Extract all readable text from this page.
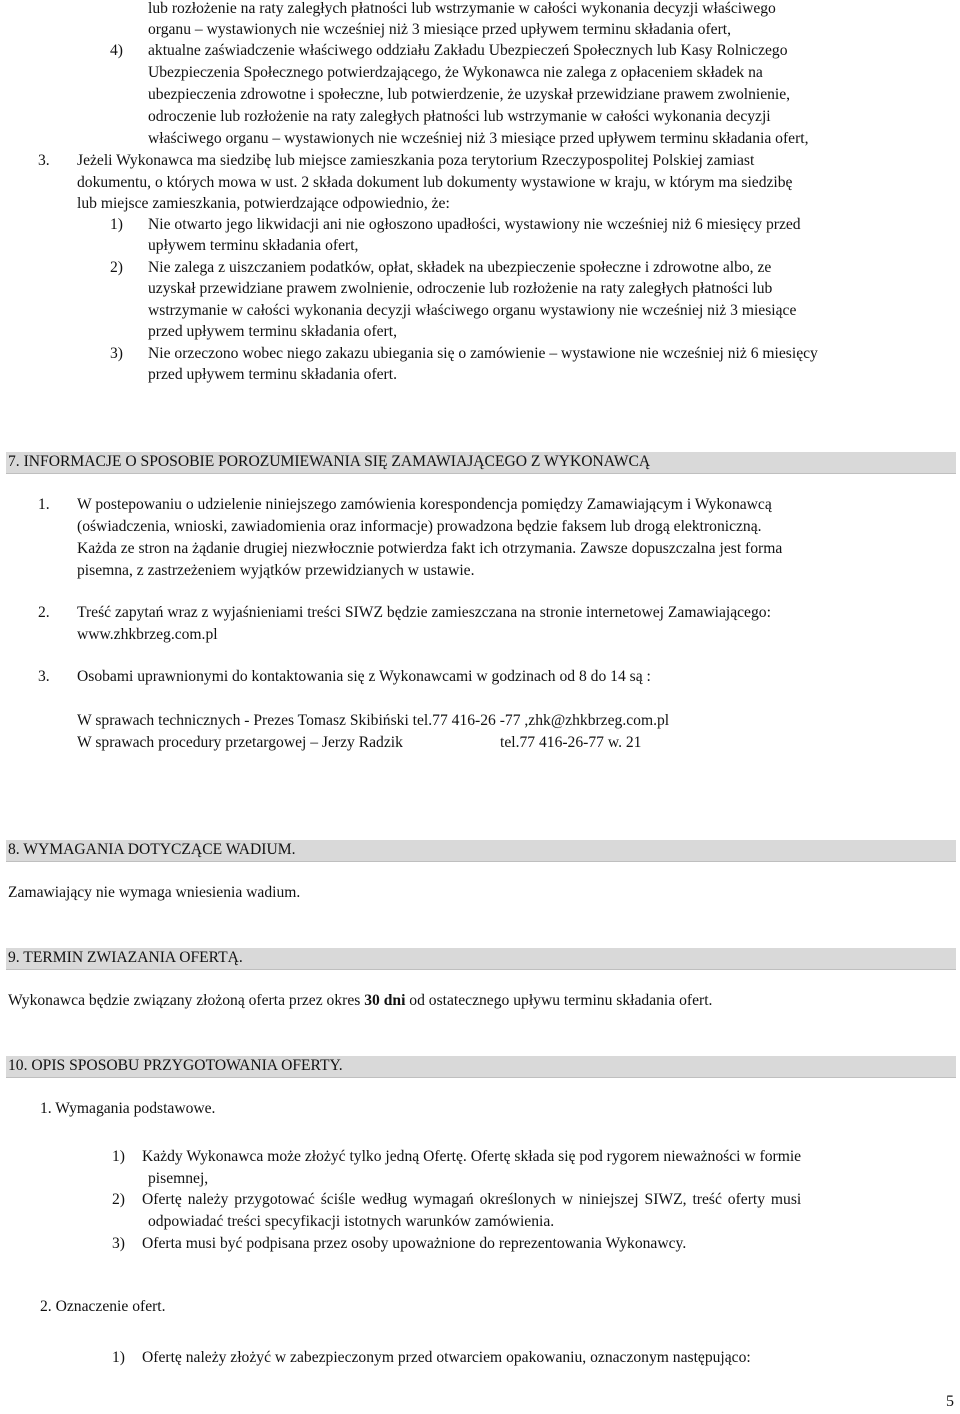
lub rozłożenie na raty zaległych płatności lub wstrzymanie w całości wykonania decyzji właściwego
organu – wystawionych nie wcześniej niż 3 miesiące przed upływem terminu składania ofert,
4) aktualne zaświadczenie właściwego oddziału Zakładu Ubezpieczeń Społecznych lub Kasy Rolniczego
Ubezpieczenia Społecznego potwierdzającego, że Wykonawca nie zalega z opłaceniem składek na
ubezpieczenia zdrowotne i społeczne, lub potwierdzenie, że uzyskał przewidziane prawem zwolnienie,
odroczenie lub rozłożenie na raty zaległych płatności lub wstrzymanie w całości wykonania decyzji
właściwego organu – wystawionych nie wcześniej niż 3 miesiące przed upływem terminu składania ofert,
3. Jeżeli Wykonawca ma siedzibę lub miejsce zamieszkania poza terytorium Rzeczypospolitej Polskiej zamiast
dokumentu, o których mowa w ust. 2 składa dokument lub dokumenty wystawione w kraju, w którym ma siedzibę
lub miejsce zamieszkania, potwierdzające odpowiednio, że:
1) Nie otwarto jego likwidacji ani nie ogłoszono upadłości, wystawiony nie wcześniej niż 6 miesięcy przed
upływem terminu składania ofert,
2) Nie zalega z uiszczaniem podatków, opłat, składek na ubezpieczenie społeczne i zdrowotne albo, ze
uzyskał przewidziane prawem zwolnienie, odroczenie lub rozłożenie na raty zaległych płatności lub
wstrzymanie w całości wykonania decyzji właściwego organu wystawiony nie wcześniej niż 3 miesiące
przed upływem terminu składania ofert,
3) Nie orzeczono wobec niego zakazu ubiegania się o zamówienie – wystawione nie wcześniej niż 6 miesięcy
przed upływem terminu składania ofert.
7. INFORMACJE O SPOSOBIE POROZUMIEWANIA SIĘ ZAMAWIAJĄCEGO Z WYKONAWCĄ
1. W postepowaniu o udzielenie niniejszego zamówienia korespondencja pomiędzy Zamawiającym i Wykonawcą
(oświadczenia, wnioski, zawiadomienia oraz informacje) prowadzona będzie faksem lub drogą elektroniczną.
Każda ze stron na żądanie drugiej niezwłocznie potwierdza fakt ich otrzymania. Zawsze dopuszczalna jest forma
pisemna, z zastrzeżeniem wyjątków przewidzianych w ustawie.
2. Treść zapytań wraz z wyjaśnieniami treści SIWZ będzie zamieszczana na stronie internetowej Zamawiającego:
www.zhkbrzeg.com.pl
3. Osobami uprawnionymi do kontaktowania się z Wykonawcami w godzinach od 8 do 14 są :
W sprawach technicznych - Prezes Tomasz Skibiński tel.77 416-26 -77 ,zhk@zhkbrzeg.com.pl
W sprawach procedury przetargowej – Jerzy Radzik	tel.77 416-26-77 w. 21
8. WYMAGANIA DOTYCZĄCE WADIUM.
Zamawiający nie wymaga wniesienia wadium.
9. TERMIN ZWIAZANIA OFERTĄ.
Wykonawca będzie związany złożoną oferta przez okres 30 dni od ostatecznego upływu terminu składania ofert.
10. OPIS SPOSOBU PRZYGOTOWANIA OFERTY.
1. Wymagania podstawowe.
1) Każdy Wykonawca może złożyć tylko jedną Ofertę. Ofertę składa się pod rygorem nieważności w formie
pisemnej,
2) Ofertę należy przygotować ściśle według wymagań określonych w niniejszej SIWZ, treść oferty musi
odpowiadać treści specyfikacji istotnych warunków zamówienia.
3) Oferta musi być podpisana przez osoby upoważnione do reprezentowania Wykonawcy.
2. Oznaczenie ofert.
1) Ofertę należy złożyć w zabezpieczonym przed otwarciem opakowaniu, oznaczonym następująco:
5
